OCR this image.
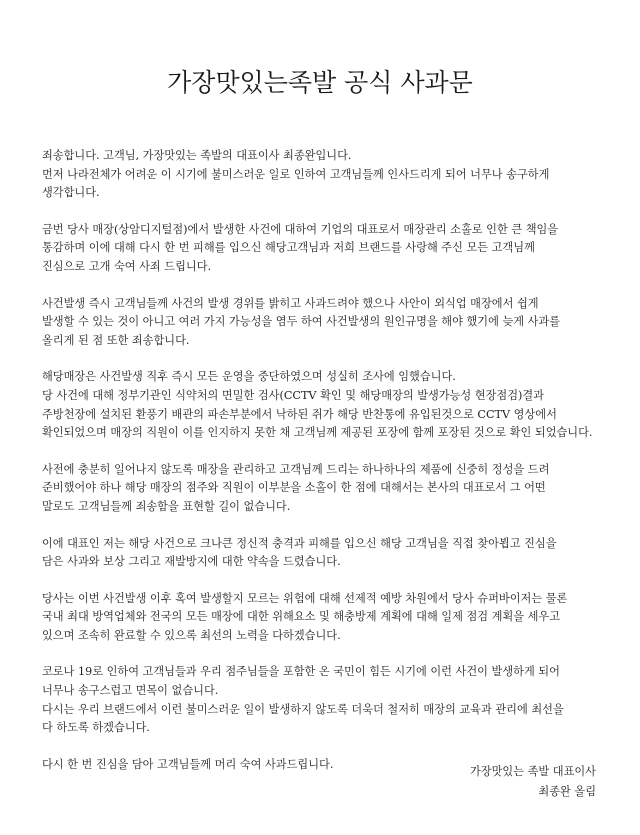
가장맛있는족발 공식 사과문
죄송합니다. 고객님, 가장맛있는 족발의 대표이사 최종완입니다.
먼저 나라전체가 어려운 이 시기에 불미스러운 일로 인하여 고객님들께 인사드리게 되어 너무나 송구하게
생각합니다.
금번 당사 매장(상암디지털점)에서 발생한 사건에 대하여 기업의 대표로서 매장관리 소홀로 인한 큰 책임을
통감하며 이에 대해 다시 한 번 피해를 입으신 해당고객님과 저희 브랜드를 사랑해 주신 모든 고객님께
진심으로 고개 숙여 사죄 드립니다.
사건발생 즉시 고객님들께 사건의 발생 경위를 밝히고 사과드려야 했으나 사안이 외식업 매장에서 쉽게
발생할 수 있는 것이 아니고 여러 가지 가능성을 염두 하여 사건발생의 원인규명을 해야 했기에 늦게 사과를
올리게 된 점 또한 죄송합니다.
해당매장은 사건발생 직후 즉시 모든 운영을 중단하였으며 성실히 조사에 임했습니다.
당 사건에 대해 정부기관인 식약처의 면밀한 검사(CCTV 확인 및 해당매장의 발생가능성 현장점검)결과
주방천장에 설치된 환풍기 배관의 파손부분에서 낙하된 쥐가 해당 반찬통에 유입된것으로 CCTV 영상에서
확인되었으며 매장의 직원이 이를 인지하지 못한 채 고객님께 제공된 포장에 함께 포장된 것으로 확인 되었습니다.
사전에 충분히 일어나지 않도록 매장을 관리하고 고객님께 드리는 하나하나의 제품에 신중히 정성을 드려
준비했어야 하나 해당 매장의 점주와 직원이 이부분을 소홀이 한 점에 대해서는 본사의 대표로서 그 어떤
말로도 고객님들께 죄송함을 표현할 길이 없습니다.
이에 대표인 저는 해당 사건으로 크나큰 정신적 충격과 피해를 입으신 해당 고객님을 직접 찾아뵙고 진심을
담은 사과와 보상 그리고 재발방지에 대한 약속을 드렸습니다.
당사는 이번 사건발생 이후 혹여 발생할지 모르는 위험에 대해 선제적 예방 차원에서 당사 슈퍼바이저는 물론
국내 최대 방역업체와 전국의 모든 매장에 대한 위해요소 및 해충방제 계획에 대해 일제 점검 계획을 세우고
있으며 조속히 완료할 수 있으록 최선의 노력을 다하겠습니다.
코로나 19로 인하여 고객님들과 우리 점주님들을 포함한 온 국민이 힘든 시기에 이런 사건이 발생하게 되어
너무나 송구스럽고 면목이 없습니다.
다시는 우리 브랜드에서 이런 불미스러운 일이 발생하지 않도록 더욱더 철저히 매장의 교육과 관리에 최선을
다 하도록 하겠습니다.
다시 한 번 진심을 담아 고객님들께 머리 숙여 사과드립니다.
가장맛있는 족발 대표이사
최종완 올림
